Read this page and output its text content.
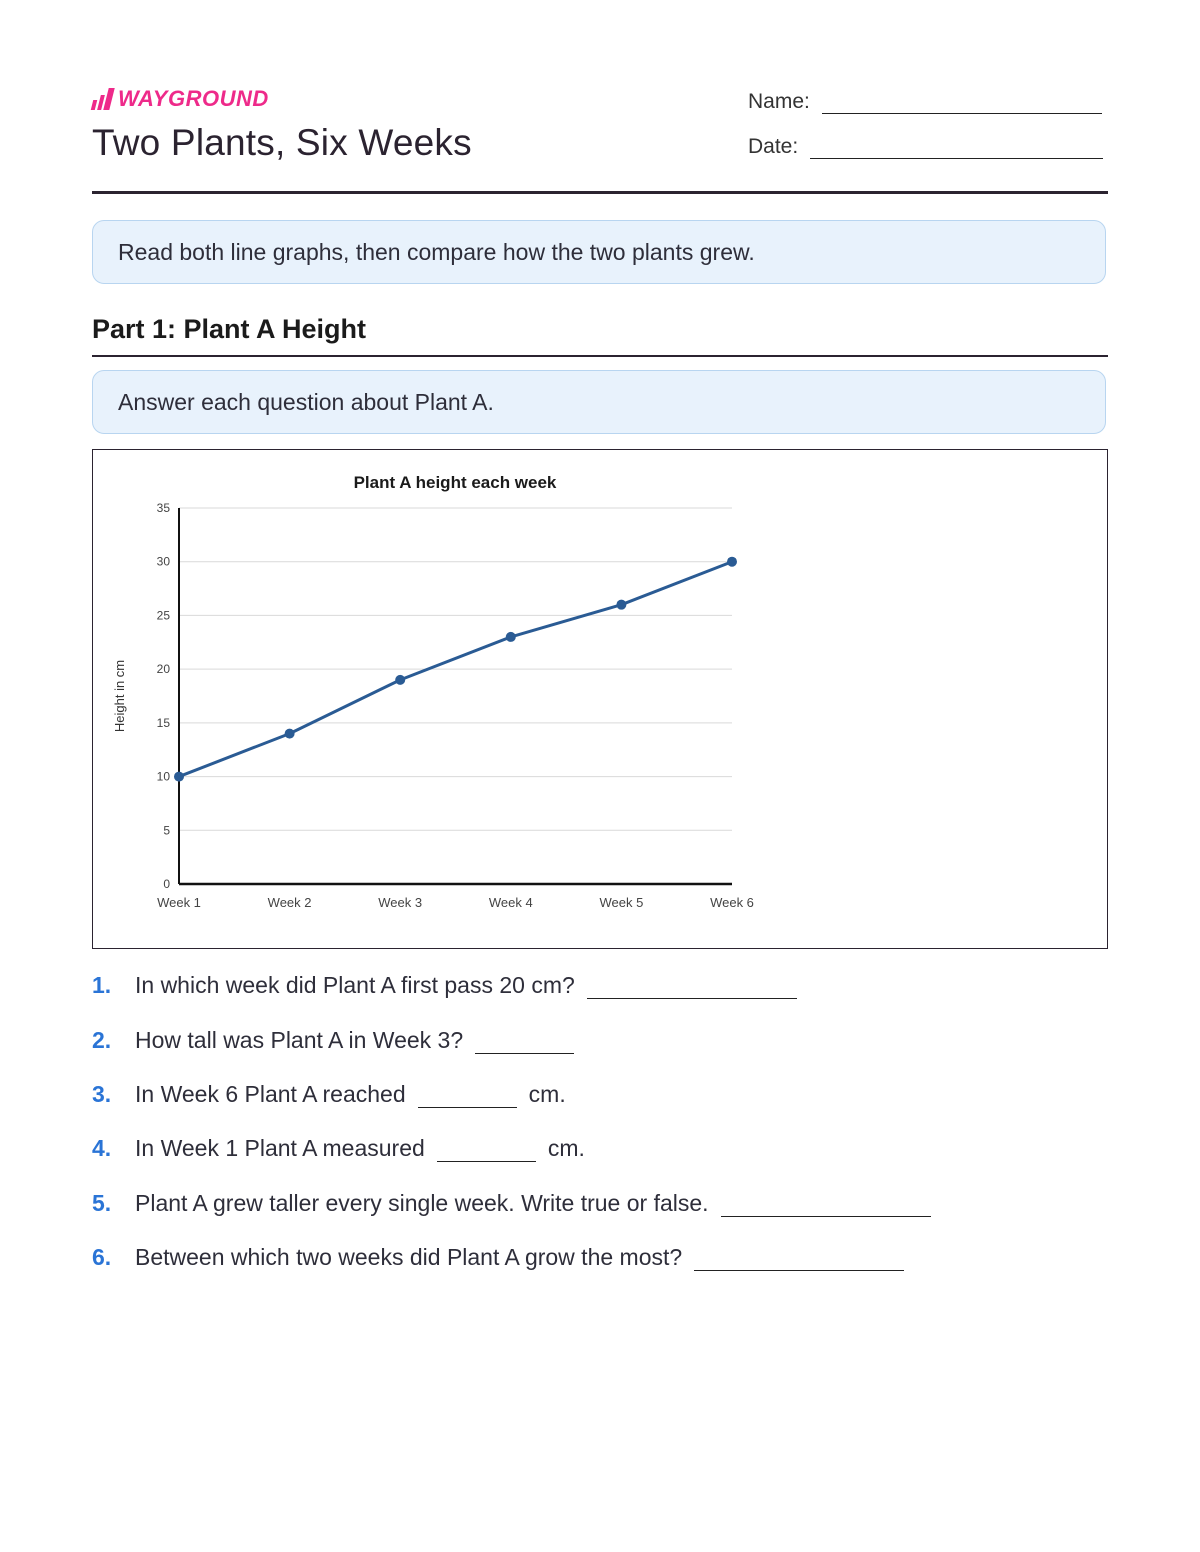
WAYGROUND
Two Plants, Six Weeks
Name:
Date:
Read both line graphs, then compare how the two plants grew.
Part 1: Plant A Height
Answer each question about Plant A.
Plant A height each week
Height in cm
0
5
10
15
20
25
30
35
Week 1	Week 2	Week 3	Week 4	Week 5	Week 6
1.	In which week did Plant A first pass 20 cm?
2.	How tall was Plant A in Week 3?
3.	In Week 6 Plant A reached	cm.
4.	In Week 1 Plant A measured	cm.
5.	Plant A grew taller every single week. Write true or false.
6.	Between which two weeks did Plant A grow the most?
